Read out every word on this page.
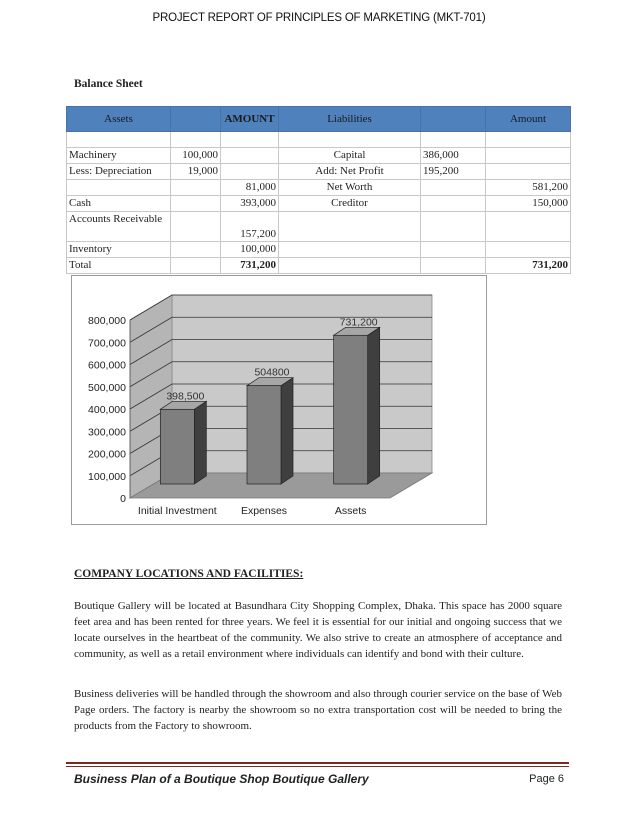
PROJECT REPORT OF PRINCIPLES OF MARKETING (MKT-701)
Balance Sheet
Assets		AMOUNT	Liabilities		Amount

Machinery	100,000		Capital	386,000	
Less: Depreciation	19,000		Add: Net Profit	195,200	
		81,000	Net Worth		581,200
Cash		393,000	Creditor		150,000
Accounts Receivable		157,200			
Inventory		100,000			
Total		731,200			731,200
0
100,000
200,000
300,000
400,000
500,000
600,000
700,000
800,000
398,500
Initial Investment
504800
Expenses
731,200
Assets
COMPANY LOCATIONS AND FACILITIES:

Boutique Gallery will be located at Basundhara City Shopping Complex, Dhaka. This space has 2000 square feet area and has been rented for three years. We feel it is essential for our initial and ongoing success that we locate ourselves in the heartbeat of the community. We also strive to create an atmosphere of acceptance and community, as well as a retail environment where individuals can identify and bond with their culture.

Business deliveries will be handled through the showroom and also through courier service on the base of Web Page orders. The factory is nearby the showroom so no extra transportation cost will be needed to bring the products from the Factory to showroom.

Business Plan of a Boutique Shop Boutique Gallery	Page 6
